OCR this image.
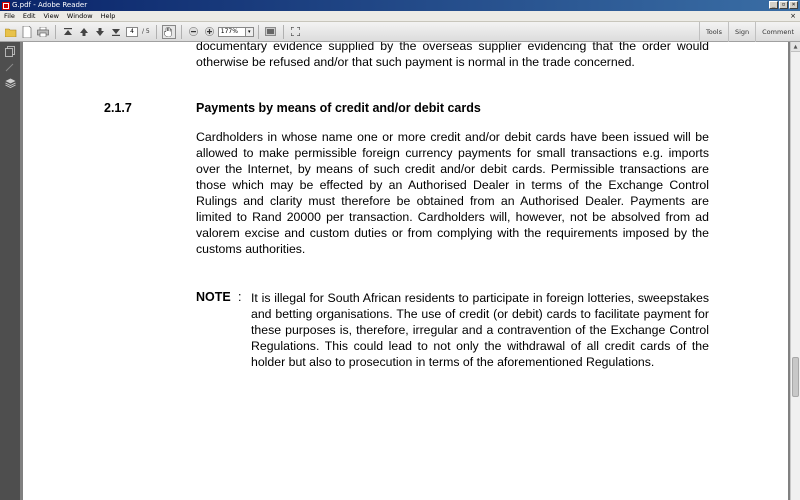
G.pdf - Adobe Reader	_	▫	×
File	Edit	View	Window	Help	×
4	/ 5	177%	▾	Tools	Sign	Comment

documentary evidence supplied by the overseas supplier evidencing that the order would otherwise be refused and/or that such payment is normal in the trade concerned.

2.1.7	Payments by means of credit and/or debit cards

Cardholders in whose name one or more credit and/or debit cards have been issued will be allowed to make permissible foreign currency payments for small transactions e.g. imports over the Internet, by means of such credit and/or debit cards. Permissible transactions are those which may be effected by an Authorised Dealer in terms of the Exchange Control Rulings and clarity must therefore be obtained from an Authorised Dealer. Payments are limited to Rand 20000 per transaction. Cardholders will, however, not be absolved from ad valorem excise and custom duties or from complying with the requirements imposed by the customs authorities.

NOTE : It is illegal for South African residents to participate in foreign lotteries, sweepstakes and betting organisations. The use of credit (or debit) cards to facilitate payment for these purposes is, therefore, irregular and a contravention of the Exchange Control Regulations. This could lead to not only the withdrawal of all credit cards of the holder but also to prosecution in terms of the aforementioned Regulations.

▲
